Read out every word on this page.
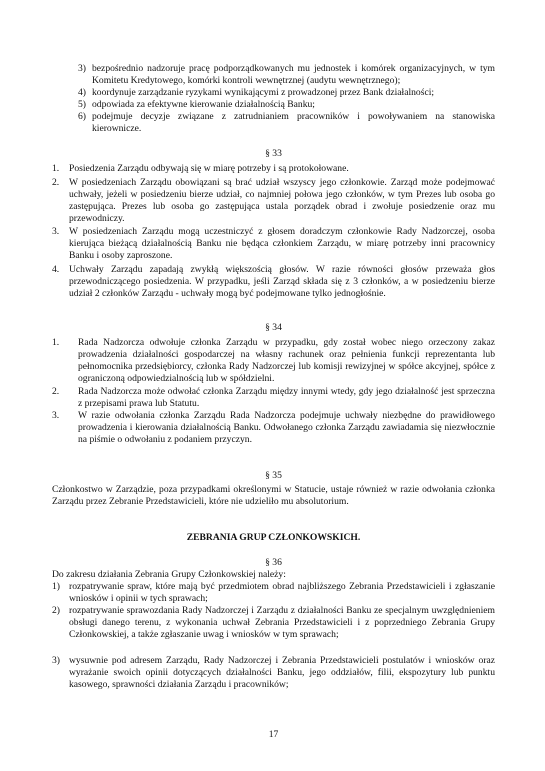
3) bezpośrednio nadzoruje pracę podporządkowanych mu jednostek i komórek organizacyjnych, w tym Komitetu Kredytowego, komórki kontroli wewnętrznej (audytu wewnętrznego);
4) koordynuje zarządzanie ryzykami wynikającymi z prowadzonej przez Bank działalności;
5) odpowiada za efektywne kierowanie działalnością Banku;
6) podejmuje decyzje związane z zatrudnianiem pracowników i powoływaniem na stanowiska kierownicze.
§ 33
1.	Posiedzenia Zarządu odbywają się w miarę potrzeby i są protokołowane.
2.	W posiedzeniach Zarządu obowiązani są brać udział wszyscy jego członkowie. Zarząd może podejmować uchwały, jeżeli w posiedzeniu bierze udział, co najmniej połowa jego członków, w tym Prezes lub osoba go zastępująca. Prezes lub osoba go zastępująca ustala porządek obrad i zwołuje posiedzenie oraz mu przewodniczy.
3.	W posiedzeniach Zarządu mogą uczestniczyć z głosem doradczym członkowie Rady Nadzorczej, osoba kierująca bieżącą działalnością Banku nie będąca członkiem Zarządu, w miarę potrzeby inni pracownicy Banku i osoby zaproszone.
4.	Uchwały Zarządu zapadają zwykłą większością głosów. W razie równości głosów przeważa głos przewodniczącego posiedzenia. W przypadku, jeśli Zarząd składa się z 3 członków, a w posiedzeniu bierze udział 2 członków Zarządu - uchwały mogą być podejmowane tylko jednogłośnie.
§ 34
1.	Rada Nadzorcza odwołuje członka Zarządu w przypadku, gdy został wobec niego orzeczony zakaz prowadzenia działalności gospodarczej na własny rachunek oraz pełnienia funkcji reprezentanta lub pełnomocnika przedsiębiorcy, członka Rady Nadzorczej lub komisji rewizyjnej w spółce akcyjnej, spółce z ograniczoną odpowiedzialnością lub w spółdzielni.
2.	Rada Nadzorcza może odwołać członka Zarządu między innymi wtedy, gdy jego działalność jest sprzeczna z przepisami prawa lub Statutu.
3.	W razie odwołania członka Zarządu Rada Nadzorcza podejmuje uchwały niezbędne do prawidłowego prowadzenia i kierowania działalnością Banku. Odwołanego członka Zarządu zawiadamia się niezwłocznie na piśmie o odwołaniu z podaniem przyczyn.
§ 35
Członkostwo w Zarządzie, poza przypadkami określonymi w Statucie, ustaje również w razie odwołania członka Zarządu przez Zebranie Przedstawicieli, które nie udzieliło mu absolutorium.
ZEBRANIA GRUP CZŁONKOWSKICH.
§ 36
Do zakresu działania Zebrania Grupy Członkowskiej należy:
1) rozpatrywanie spraw, które mają być przedmiotem obrad najbliższego Zebrania Przedstawicieli i zgłaszanie wniosków i opinii w tych sprawach;
2) rozpatrywanie sprawozdania Rady Nadzorczej i Zarządu z działalności Banku ze specjalnym uwzględnieniem obsługi danego terenu, z wykonania uchwał Zebrania Przedstawicieli i z poprzedniego Zebrania Grupy Członkowskiej, a także zgłaszanie uwag i wniosków w tym sprawach;
3) wysuwnie pod adresem Zarządu, Rady Nadzorczej i Zebrania Przedstawicieli postulatów i wniosków oraz wyrażanie swoich opinii dotyczących działalności Banku, jego oddziałów, filii, ekspozytury lub punktu kasowego, sprawności działania Zarządu i pracowników;
17
